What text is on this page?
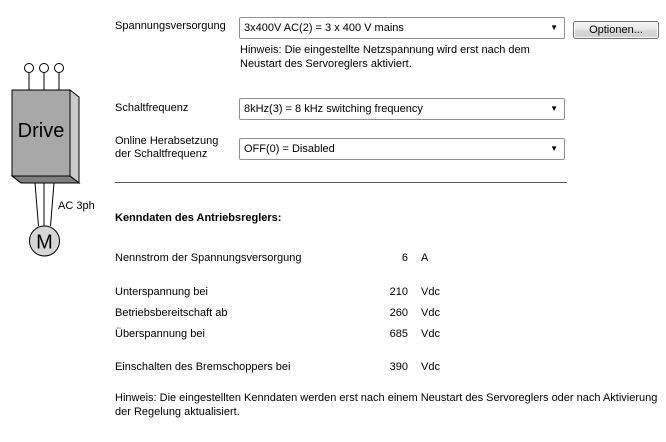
Drive
AC 3ph
M
Spannungsversorgung 3x400V AC(2) = 3 x 400 V mains	▼	Optionen...
Hinweis: Die eingestellte Netzspannung wird erst nach dem Neustart des Servoreglers aktiviert.
Schaltfrequenz	8kHz(3) = 8 kHz switching frequency	▼
Online Herabsetzung der Schaltfrequenz	OFF(0) = Disabled	▼
Kenndaten des Antriebsreglers:
Nennstrom der Spannungsversorgung	6 A
Unterspannung bei	210 Vdc
Betriebsbereitschaft ab	260 Vdc
Überspannung bei	685 Vdc
Einschalten des Bremschoppers bei	390 Vdc
Hinweis: Die eingestellten Kenndaten werden erst nach einem Neustart des Servoreglers oder nach Aktivierung der Regelung aktualisiert.
